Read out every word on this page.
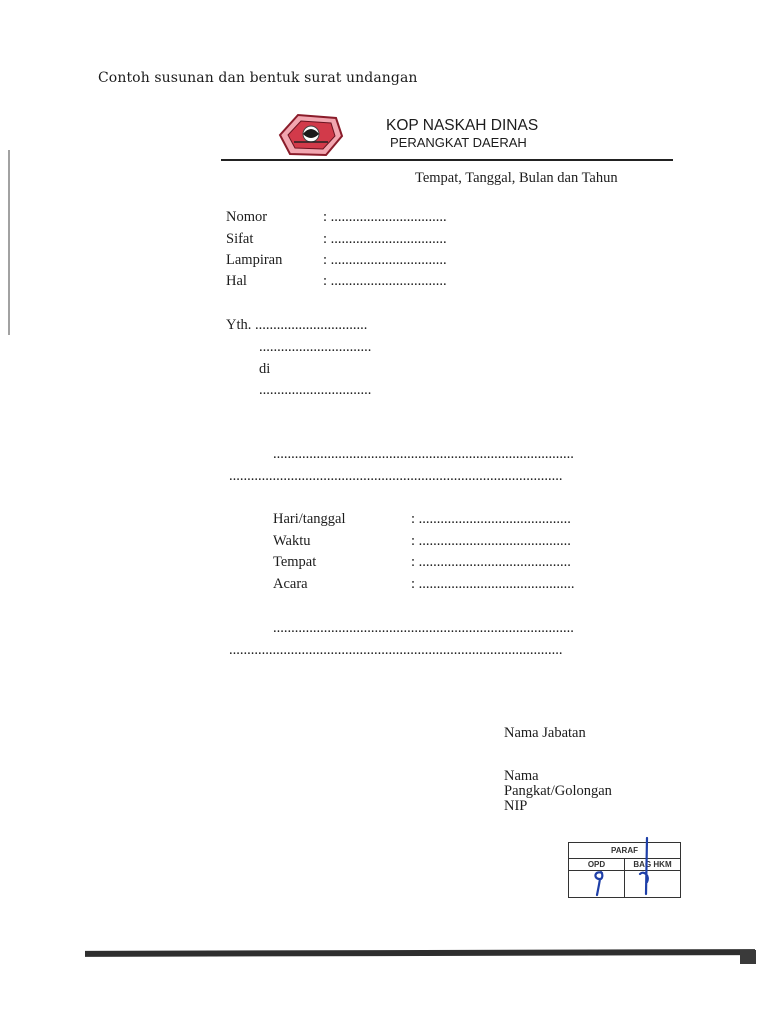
Contoh susunan dan bentuk surat undangan
KOP NASKAH DINAS
PERANGKAT DAERAH
Tempat, Tanggal, Bulan dan Tahun
Nomor	: ................................
Sifat	: ................................
Lampiran	: ................................
Hal	: ................................
Yth. ...............................
...............................
di
...............................
...................................................................................
............................................................................................
Hari/tanggal	: ..........................................
Waktu	: ..........................................
Tempat	: ..........................................
Acara	: ...........................................
...................................................................................
............................................................................................
Nama Jabatan
Nama
Pangkat/Golongan
NIP
PARAF	
OPD	BAG HKM
